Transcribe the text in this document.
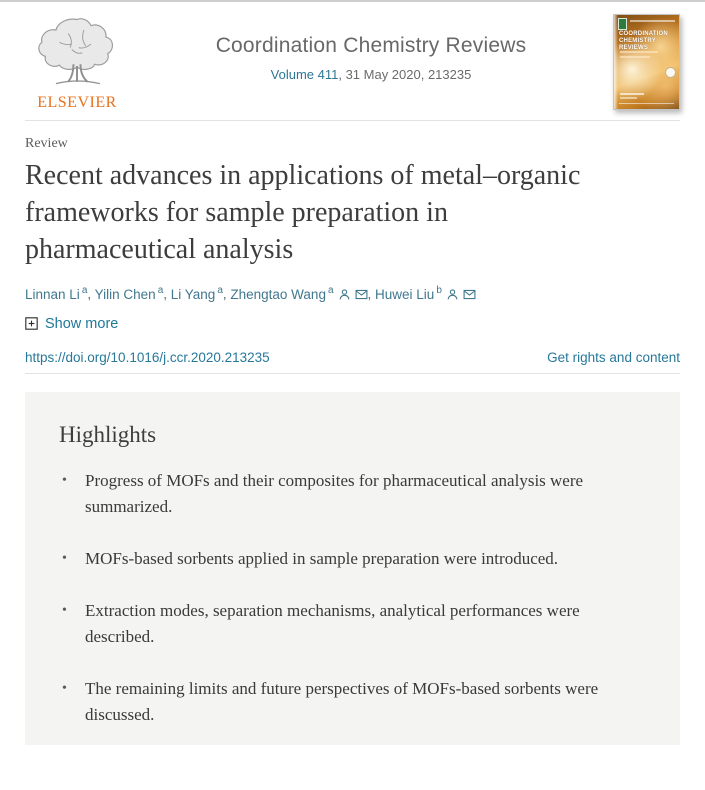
ELSEVIER
Coordination Chemistry Reviews
Volume 411, 31 May 2020, 213235
COORDINATION
CHEMISTRY REVIEWS
Review
Recent advances in applications of metal–organic frameworks for sample preparation in pharmaceutical analysis
Linnan Li $^a$, Yilin Chen $^a$, Li Yang $^a$, Zhengtao Wang $^a$	, Huwei Liu $^b$
Show more
https://doi.org/10.1016/j.ccr.2020.213235	Get rights and content
Highlights
• Progress of MOFs and their composites for pharmaceutical analysis were summarized.
• MOFs-based sorbents applied in sample preparation were introduced.
• Extraction modes, separation mechanisms, analytical performances were described.
• The remaining limits and future perspectives of MOFs-based sorbents were discussed.
